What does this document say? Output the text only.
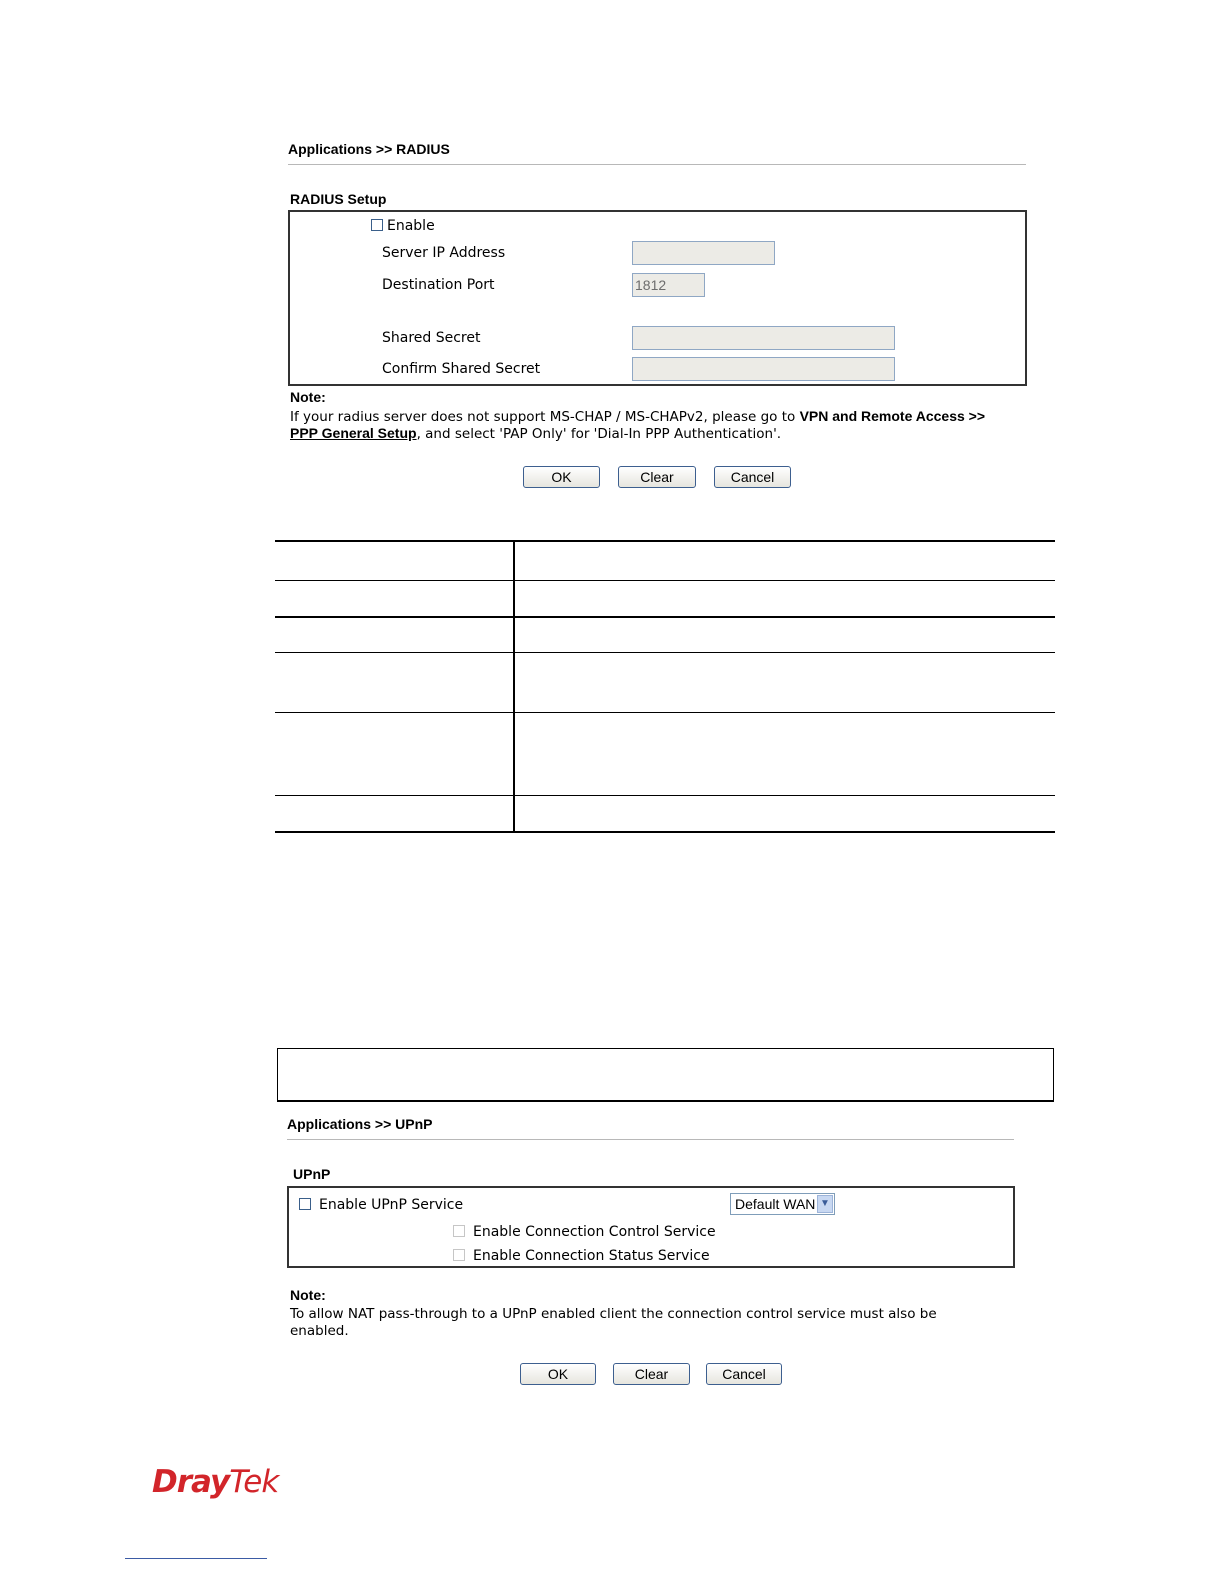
Applications >> RADIUS
RADIUS Setup
Enable
Server IP Address
Destination Port	1812
Shared Secret
Confirm Shared Secret
Note:
If your radius server does not support MS-CHAP / MS-CHAPv2, please go to VPN and Remote Access >>
PPP General Setup, and select 'PAP Only' for 'Dial-In PPP Authentication'.
OK	Clear	Cancel
Applications >> UPnP
UPnP
Enable UPnP Service	Default WAN ▼
Enable Connection Control Service
Enable Connection Status Service
Note:
To allow NAT pass-through to a UPnP enabled client the connection control service must also be
enabled.
OK	Clear	Cancel
DrayTek
